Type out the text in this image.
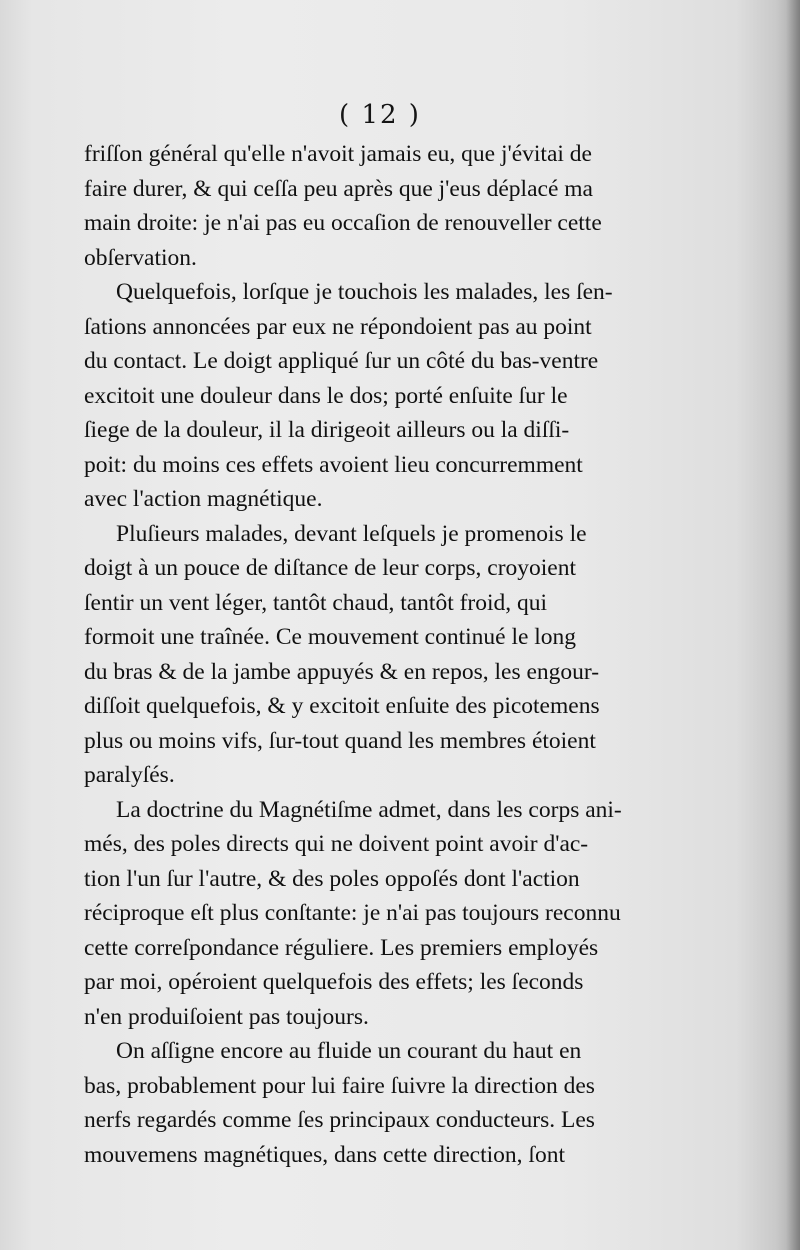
( 12 )
friſſon général qu'elle n'avoit jamais eu, que j'évitai de
faire durer, & qui ceſſa peu après que j'eus déplacé ma
main droite: je n'ai pas eu occaſion de renouveller cette
obſervation.
Quelquefois, lorſque je touchois les malades, les ſen-
ſations annoncées par eux ne répondoient pas au point
du contact. Le doigt appliqué ſur un côté du bas-ventre
excitoit une douleur dans le dos; porté enſuite ſur le
ſiege de la douleur, il la dirigeoit ailleurs ou la diſſi-
poit: du moins ces effets avoient lieu concurremment
avec l'action magnétique.
Pluſieurs malades, devant leſquels je promenois le
doigt à un pouce de diſtance de leur corps, croyoient
ſentir un vent léger, tantôt chaud, tantôt froid, qui
formoit une traînée. Ce mouvement continué le long
du bras & de la jambe appuyés & en repos, les engour-
diſſoit quelquefois, & y excitoit enſuite des picotemens
plus ou moins vifs, ſur-tout quand les membres étoient
paralyſés.
La doctrine du Magnétiſme admet, dans les corps ani-
més, des poles directs qui ne doivent point avoir d'ac-
tion l'un ſur l'autre, & des poles oppoſés dont l'action
réciproque eſt plus conſtante: je n'ai pas toujours reconnu
cette correſpondance réguliere. Les premiers employés
par moi, opéroient quelquefois des effets; les ſeconds
n'en produiſoient pas toujours.
On aſſigne encore au fluide un courant du haut en
bas, probablement pour lui faire ſuivre la direction des
nerfs regardés comme ſes principaux conducteurs. Les
mouvemens magnétiques, dans cette direction, ſont
